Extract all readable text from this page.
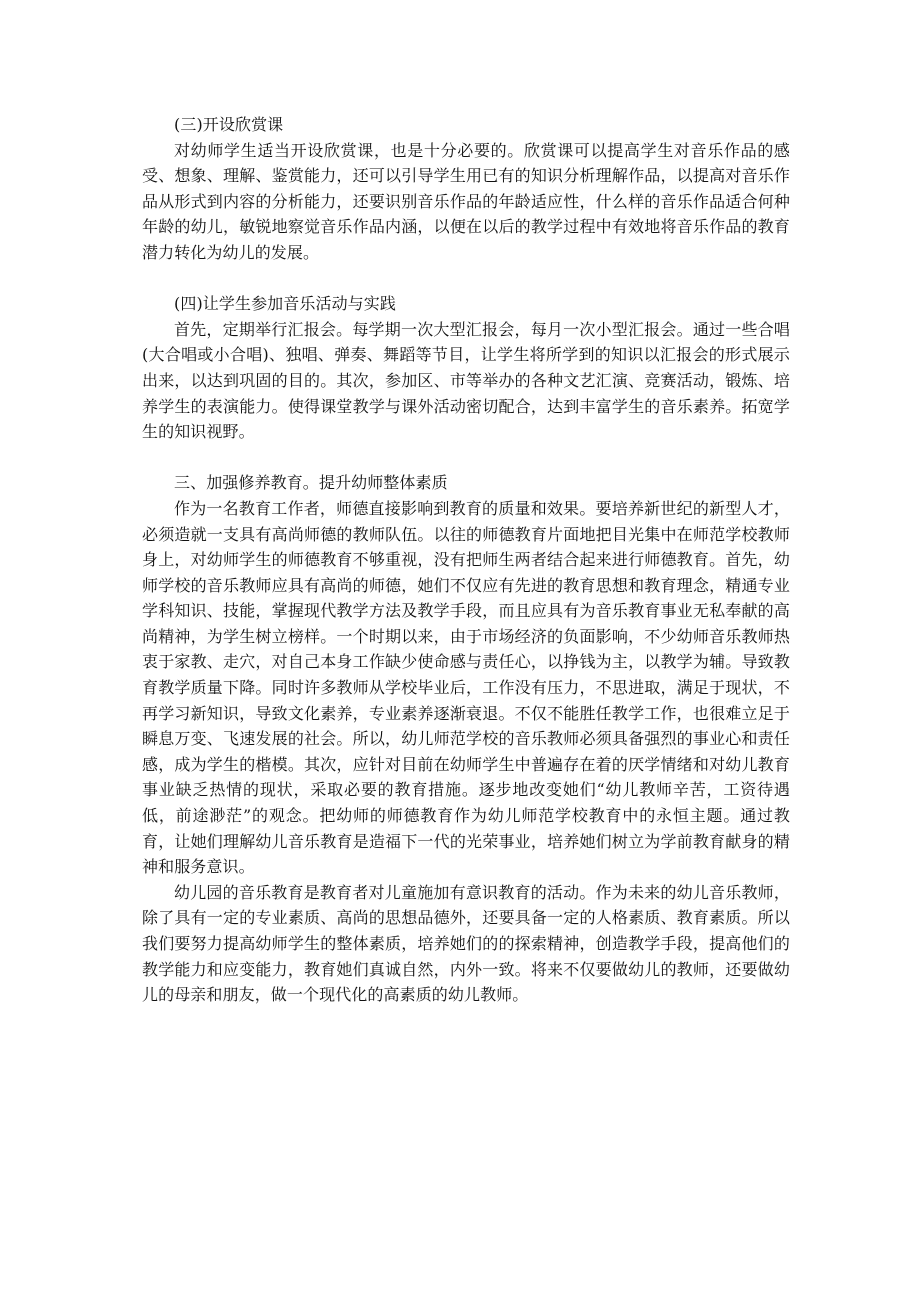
(三)开设欣赏课

对幼师学生适当开设欣赏课，也是十分必要的。欣赏课可以提高学生对音乐作品的感受、想象、理解、鉴赏能力，还可以引导学生用已有的知识分析理解作品，以提高对音乐作品从形式到内容的分析能力，还要识别音乐作品的年龄适应性，什么样的音乐作品适合何种年龄的幼儿，敏锐地察觉音乐作品内涵，以便在以后的教学过程中有效地将音乐作品的教育潜力转化为幼儿的发展。

(四)让学生参加音乐活动与实践

首先，定期举行汇报会。每学期一次大型汇报会，每月一次小型汇报会。通过一些合唱(大合唱或小合唱)、独唱、弹奏、舞蹈等节目，让学生将所学到的知识以汇报会的形式展示出来，以达到巩固的目的。其次，参加区、市等举办的各种文艺汇演、竞赛活动，锻炼、培养学生的表演能力。使得课堂教学与课外活动密切配合，达到丰富学生的音乐素养。拓宽学生的知识视野。

三、加强修养教育。提升幼师整体素质

作为一名教育工作者，师德直接影响到教育的质量和效果。要培养新世纪的新型人才，必须造就一支具有高尚师德的教师队伍。以往的师德教育片面地把目光集中在师范学校教师身上，对幼师学生的师德教育不够重视，没有把师生两者结合起来进行师德教育。首先，幼师学校的音乐教师应具有高尚的师德，她们不仅应有先进的教育思想和教育理念，精通专业学科知识、技能，掌握现代教学方法及教学手段，而且应具有为音乐教育事业无私奉献的高尚精神，为学生树立榜样。一个时期以来，由于市场经济的负面影响，不少幼师音乐教师热衷于家教、走穴，对自己本身工作缺少使命感与责任心，以挣钱为主，以教学为辅。导致教育教学质量下降。同时许多教师从学校毕业后，工作没有压力，不思进取，满足于现状，不再学习新知识，导致文化素养，专业素养逐渐衰退。不仅不能胜任教学工作，也很难立足于瞬息万变、飞速发展的社会。所以，幼儿师范学校的音乐教师必须具备强烈的事业心和责任感，成为学生的楷模。其次，应针对目前在幼师学生中普遍存在着的厌学情绪和对幼儿教育事业缺乏热情的现状，采取必要的教育措施。逐步地改变她们“幼儿教师辛苦，工资待遇低，前途渺茫”的观念。把幼师的师德教育作为幼儿师范学校教育中的永恒主题。通过教育，让她们理解幼儿音乐教育是造福下一代的光荣事业，培养她们树立为学前教育献身的精神和服务意识。

幼儿园的音乐教育是教育者对儿童施加有意识教育的活动。作为未来的幼儿音乐教师，除了具有一定的专业素质、高尚的思想品德外，还要具备一定的人格素质、教育素质。所以我们要努力提高幼师学生的整体素质，培养她们的的探索精神，创造教学手段，提高他们的教学能力和应变能力，教育她们真诚自然，内外一致。将来不仅要做幼儿的教师，还要做幼儿的母亲和朋友，做一个现代化的高素质的幼儿教师。
